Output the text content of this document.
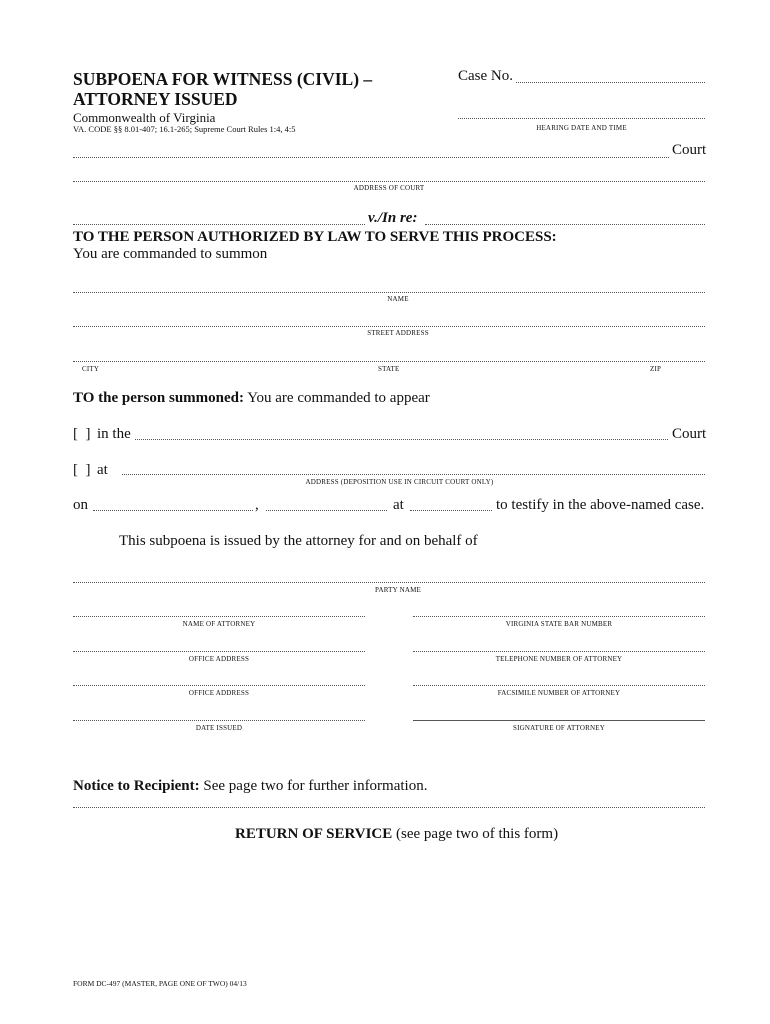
SUBPOENA FOR WITNESS (CIVIL) –
ATTORNEY ISSUED
Commonwealth of Virginia
VA. CODE §§ 8.01-407; 16.1-265; Supreme Court Rules 1:4, 4:5
Case No.
HEARING DATE AND TIME
Court
ADDRESS OF COURT
v./In re:
TO THE PERSON AUTHORIZED BY LAW TO SERVE THIS PROCESS:
You are commanded to summon
NAME
STREET ADDRESS
CITY	STATE	ZIP
TO the person summoned: You are commanded to appear
[  ] in the	Court
[  ] at
ADDRESS (DEPOSITION USE IN CIRCUIT COURT ONLY)
on	,	at	to testify in the above-named case.
This subpoena is issued by the attorney for and on behalf of
PARTY NAME
NAME OF ATTORNEY	VIRGINIA STATE BAR NUMBER
OFFICE ADDRESS	TELEPHONE NUMBER OF ATTORNEY
OFFICE ADDRESS	FACSIMILE NUMBER OF ATTORNEY
DATE ISSUED	SIGNATURE OF ATTORNEY
Notice to Recipient: See page two for further information.
RETURN OF SERVICE (see page two of this form)
FORM DC-497 (MASTER, PAGE ONE OF TWO) 04/13
